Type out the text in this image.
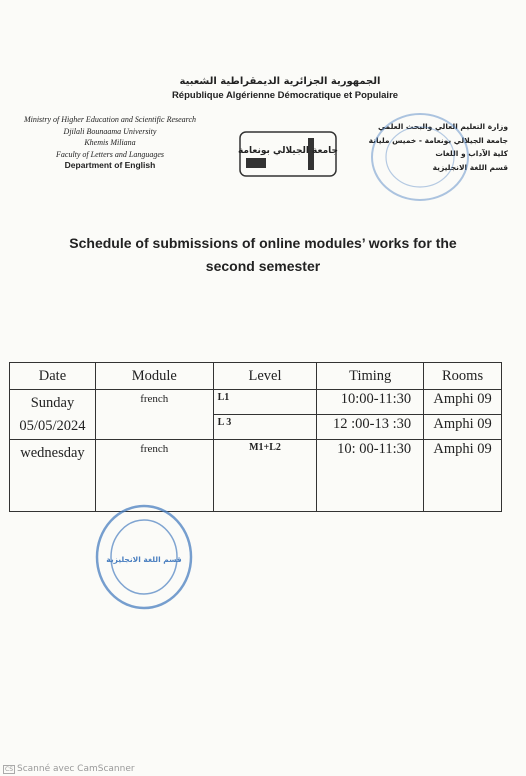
الجمهورية الجزائرية الديمقراطية الشعبية
République Algérienne Démocratique et Populaire
Ministry of Higher Education and Scientific Research
Djilali Bounaama University
Khemis Miliana
Faculty of Letters and Languages
Department of English
جامعة الجيلالي بونعامة
وزارة التعليم العالي والبحث العلمي
جامعة الجيلالي بونعامة - خميس مليانة
كلية الآداب و اللغات
قسم اللغة الانجليزية
Schedule of submissions of online modules’ works for the
second semester
Date	Module	Level	Timing	Rooms

Sunday
05/05/2024	french	L1	10:00-11:30	Amphi 09
		L 3	12 :00-13 :30	Amphi 09

wednesday	french	M1+L2	10: 00-11:30	Amphi 09
قسم اللغة الانجليزية
CS Scanné avec CamScanner
